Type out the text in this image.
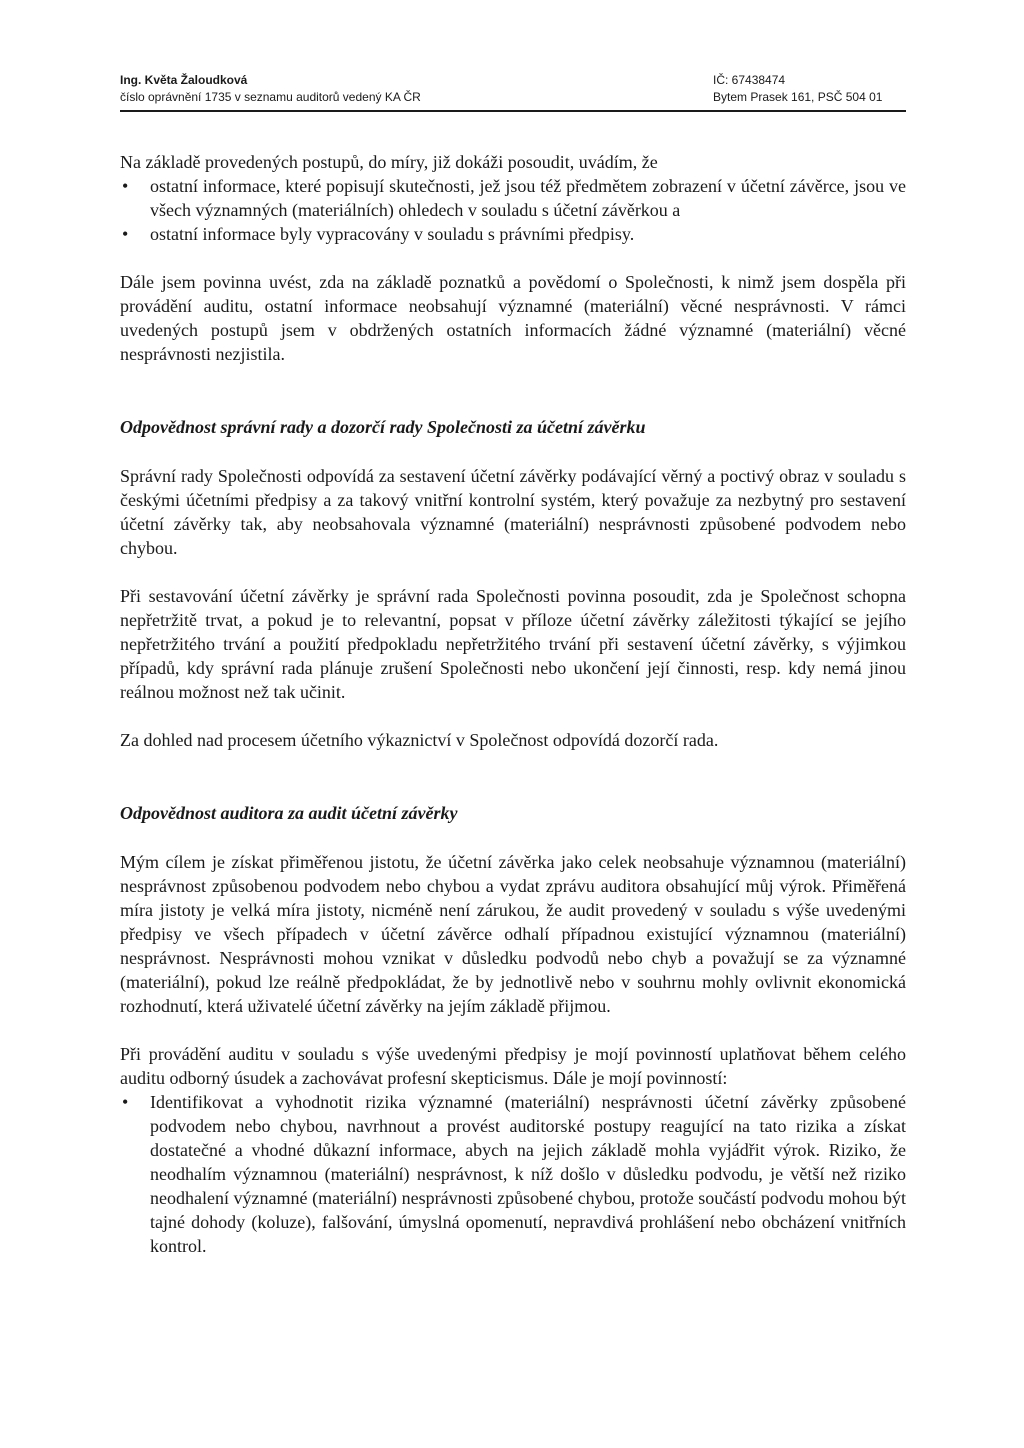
Ing. Květa Žaloudková
číslo oprávnění 1735 v seznamu auditorů vedený KA ČR
IČ: 67438474
Bytem Prasek 161, PSČ 504 01

Na základě provedených postupů, do míry, již dokáži posoudit, uvádím, že

• ostatní informace, které popisují skutečnosti, jež jsou též předmětem zobrazení v účetní závěrce, jsou ve všech významných (materiálních) ohledech v souladu s účetní závěrkou a
• ostatní informace byly vypracovány v souladu s právními předpisy.

Dále jsem povinna uvést, zda na základě poznatků a povědomí o Společnosti, k nimž jsem dospěla při provádění auditu, ostatní informace neobsahují významné (materiální) věcné nesprávnosti. V rámci uvedených postupů jsem v obdržených ostatních informacích žádné významné (materiální) věcné nesprávnosti nezjistila.

Odpovědnost správní rady a dozorčí rady Společnosti za účetní závěrku

Správní rady Společnosti odpovídá za sestavení účetní závěrky podávající věrný a poctivý obraz v souladu s českými účetními předpisy a za takový vnitřní kontrolní systém, který považuje za nezbytný pro sestavení účetní závěrky tak, aby neobsahovala významné (materiální) nesprávnosti způsobené podvodem nebo chybou.

Při sestavování účetní závěrky je správní rada Společnosti povinna posoudit, zda je Společnost schopna nepřetržitě trvat, a pokud je to relevantní, popsat v příloze účetní závěrky záležitosti týkající se jejího nepřetržitého trvání a použití předpokladu nepřetržitého trvání při sestavení účetní závěrky, s výjimkou případů, kdy správní rada plánuje zrušení Společnosti nebo ukončení její činnosti, resp. kdy nemá jinou reálnou možnost než tak učinit.

Za dohled nad procesem účetního výkaznictví v Společnost odpovídá dozorčí rada.

Odpovědnost auditora za audit účetní závěrky

Mým cílem je získat přiměřenou jistotu, že účetní závěrka jako celek neobsahuje významnou (materiální) nesprávnost způsobenou podvodem nebo chybou a vydat zprávu auditora obsahující můj výrok. Přiměřená míra jistoty je velká míra jistoty, nicméně není zárukou, že audit provedený v souladu s výše uvedenými předpisy ve všech případech v účetní závěrce odhalí případnou existující významnou (materiální) nesprávnost. Nesprávnosti mohou vznikat v důsledku podvodů nebo chyb a považují se za významné (materiální), pokud lze reálně předpokládat, že by jednotlivě nebo v souhrnu mohly ovlivnit ekonomická rozhodnutí, která uživatelé účetní závěrky na jejím základě přijmou.

Při provádění auditu v souladu s výše uvedenými předpisy je mojí povinností uplatňovat během celého auditu odborný úsudek a zachovávat profesní skepticismus. Dále je mojí povinností:

• Identifikovat a vyhodnotit rizika významné (materiální) nesprávnosti účetní závěrky způsobené podvodem nebo chybou, navrhnout a provést auditorské postupy reagující na tato rizika a získat dostatečné a vhodné důkazní informace, abych na jejich základě mohla vyjádřit výrok. Riziko, že neodhalím významnou (materiální) nesprávnost, k níž došlo v důsledku podvodu, je větší než riziko neodhalení významné (materiální) nesprávnosti způsobené chybou, protože součástí podvodu mohou být tajné dohody (koluze), falšování, úmyslná opomenutí, nepravdivá prohlášení nebo obcházení vnitřních kontrol.
